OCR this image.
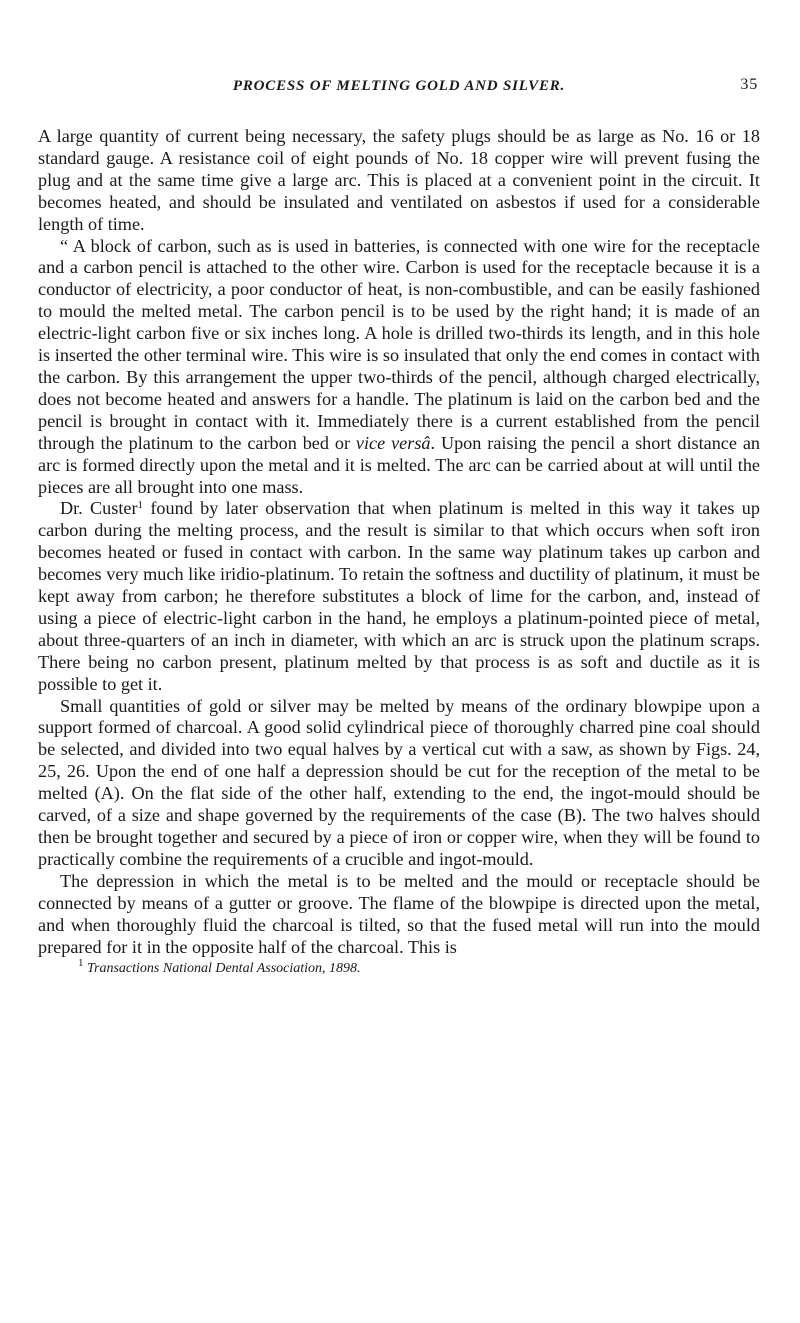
PROCESS OF MELTING GOLD AND SILVER.	35

A large quantity of current being necessary, the safety plugs should be as large as No. 16 or 18 standard gauge. A resistance coil of eight pounds of No. 18 copper wire will prevent fusing the plug and at the same time give a large arc. This is placed at a convenient point in the circuit. It becomes heated, and should be insulated and ventilated on asbestos if used for a considerable length of time.

“ A block of carbon, such as is used in batteries, is connected with one wire for the receptacle and a carbon pencil is attached to the other wire. Carbon is used for the receptacle because it is a conductor of electricity, a poor conductor of heat, is non-combustible, and can be easily fashioned to mould the melted metal. The carbon pencil is to be used by the right hand; it is made of an electric-light carbon five or six inches long. A hole is drilled two-thirds its length, and in this hole is inserted the other terminal wire. This wire is so insulated that only the end comes in contact with the carbon. By this arrangement the upper two-thirds of the pencil, although charged electrically, does not become heated and answers for a handle. The platinum is laid on the carbon bed and the pencil is brought in contact with it. Immediately there is a current established from the pencil through the platinum to the carbon bed or vice versâ. Upon raising the pencil a short distance an arc is formed directly upon the metal and it is melted. The arc can be carried about at will until the pieces are all brought into one mass.

Dr. Custer$^1$ found by later observation that when platinum is melted in this way it takes up carbon during the melting process, and the result is similar to that which occurs when soft iron becomes heated or fused in contact with carbon. In the same way platinum takes up carbon and becomes very much like iridio-platinum. To retain the softness and ductility of platinum, it must be kept away from carbon; he therefore substitutes a block of lime for the carbon, and, instead of using a piece of electric-light carbon in the hand, he employs a platinum-pointed piece of metal, about three-quarters of an inch in diameter, with which an arc is struck upon the platinum scraps. There being no carbon present, platinum melted by that process is as soft and ductile as it is possible to get it.

Small quantities of gold or silver may be melted by means of the ordinary blowpipe upon a support formed of charcoal. A good solid cylindrical piece of thoroughly charred pine coal should be selected, and divided into two equal halves by a vertical cut with a saw, as shown by Figs. 24, 25, 26. Upon the end of one half a depression should be cut for the reception of the metal to be melted (A). On the flat side of the other half, extending to the end, the ingot-mould should be carved, of a size and shape governed by the requirements of the case (B). The two halves should then be brought together and secured by a piece of iron or copper wire, when they will be found to practically combine the requirements of a crucible and ingot-mould.

The depression in which the metal is to be melted and the mould or receptacle should be connected by means of a gutter or groove. The flame of the blowpipe is directed upon the metal, and when thoroughly fluid the charcoal is tilted, so that the fused metal will run into the mould prepared for it in the opposite half of the charcoal. This is

$^1$ Transactions National Dental Association, 1898.
